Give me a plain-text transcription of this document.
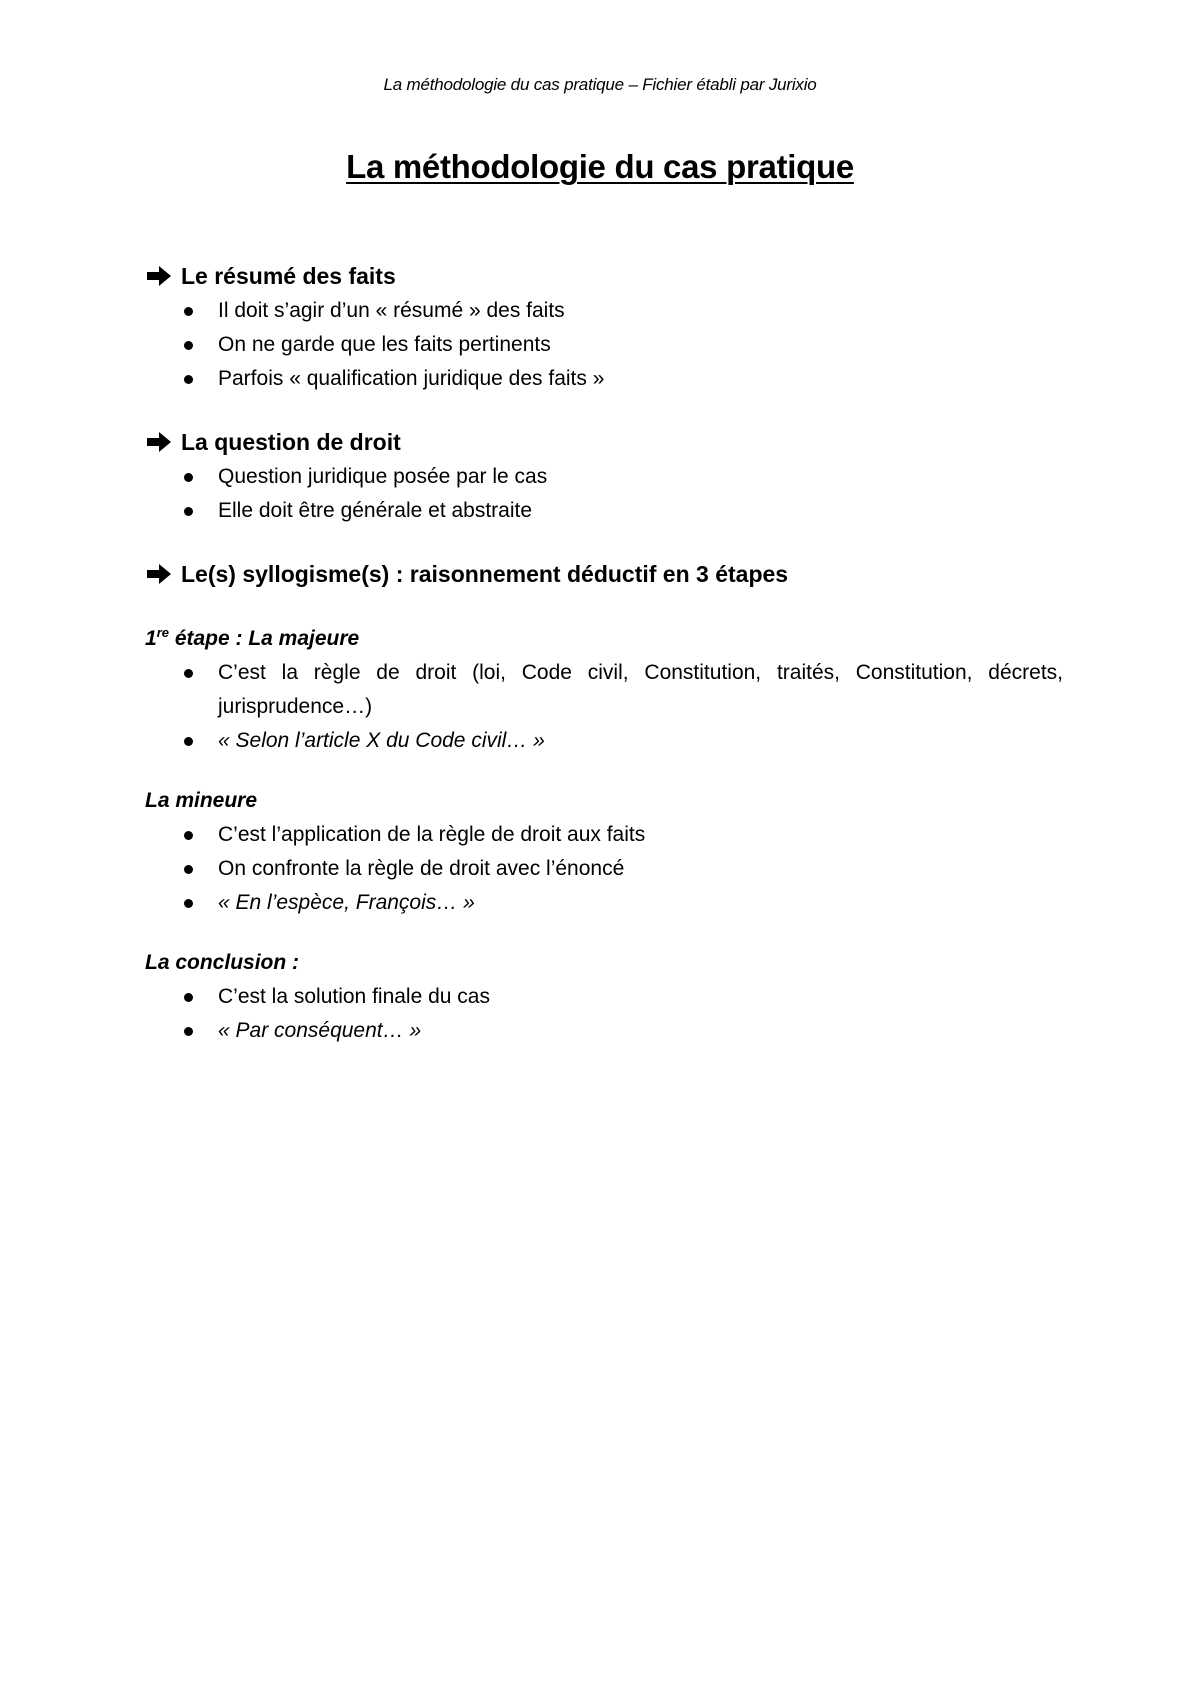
La méthodologie du cas pratique – Fichier établi par Jurixio
La méthodologie du cas pratique
Le résumé des faits
Il doit s’agir d’un « résumé » des faits
On ne garde que les faits pertinents
Parfois « qualification juridique des faits »
La question de droit
Question juridique posée par le cas
Elle doit être générale et abstraite
Le(s) syllogisme(s) : raisonnement déductif en 3 étapes

1re étape : La majeure

C’est la règle de droit (loi, Code civil, Constitution, traités, Constitution, décrets, jurisprudence…)
« Selon l’article X du Code civil… »

La mineure

C’est l’application de la règle de droit aux faits
On confronte la règle de droit avec l’énoncé
« En l’espèce, François… »

La conclusion :

C’est la solution finale du cas
« Par conséquent… »
